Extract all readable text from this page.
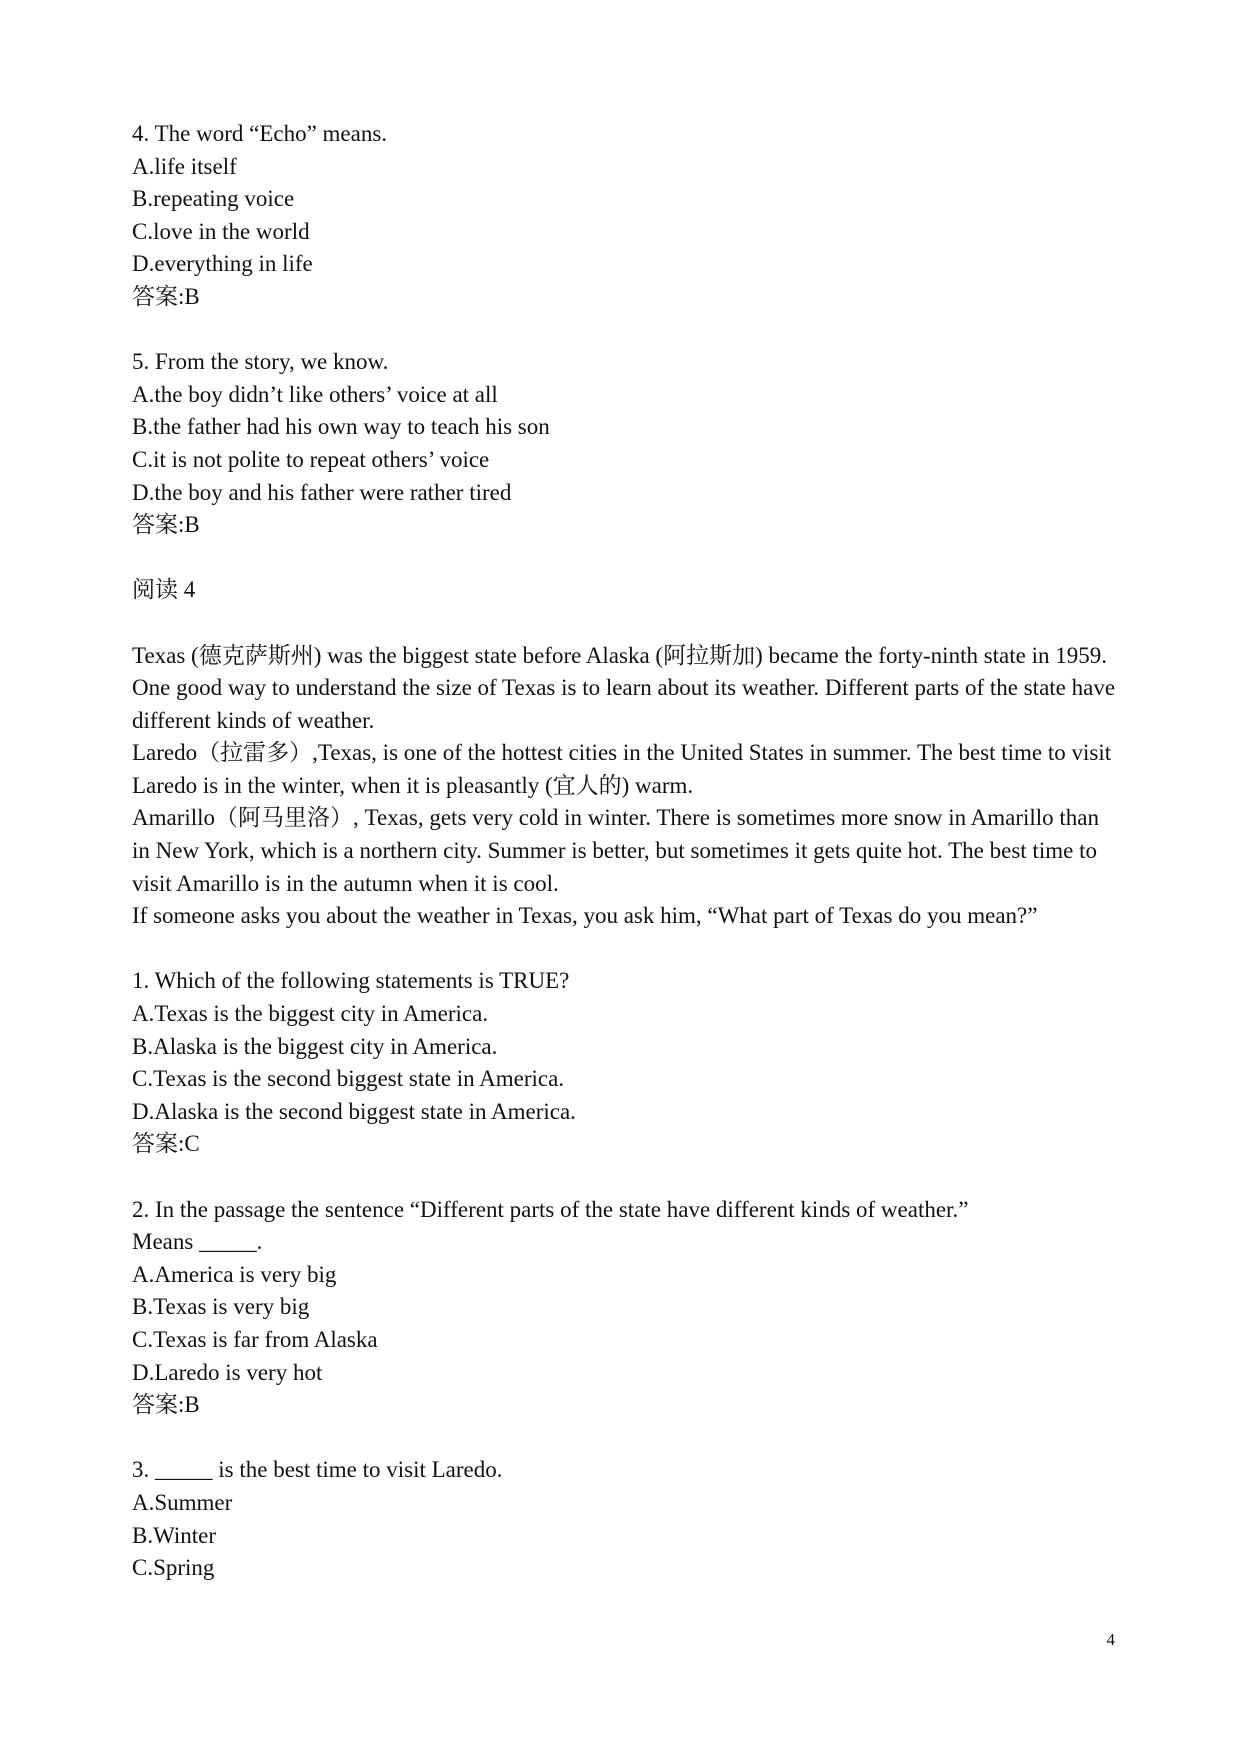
4. The word “Echo” means.

A.life itself

B.repeating voice

C.love in the world

D.everything in life

答案:B

5. From the story, we know.

A.the boy didn’t like others’ voice at all

B.the father had his own way to teach his son

C.it is not polite to repeat others’ voice

D.the boy and his father were rather tired

答案:B

阅读 4

Texas (德克萨斯州) was the biggest state before Alaska (阿拉斯加) became the forty-ninth state in 1959. One good way to understand the size of Texas is to learn about its weather. Different parts of the state have different kinds of weather.

Laredo（拉雷多）,Texas, is one of the hottest cities in the United States in summer. The best time to visit Laredo is in the winter, when it is pleasantly (宜人的) warm.

Amarillo（阿马里洛）, Texas, gets very cold in winter. There is sometimes more snow in Amarillo than in New York, which is a northern city. Summer is better, but sometimes it gets quite hot. The best time to visit Amarillo is in the autumn when it is cool.

If someone asks you about the weather in Texas, you ask him, “What part of Texas do you mean?”

1. Which of the following statements is TRUE?

A.Texas is the biggest city in America.

B.Alaska is the biggest city in America.

C.Texas is the second biggest state in America.

D.Alaska is the second biggest state in America.

答案:C

2. In the passage the sentence “Different parts of the state have different kinds of weather.”

Means _____.

A.America is very big

B.Texas is very big

C.Texas is far from Alaska

D.Laredo is very hot

答案:B

3. _____ is the best time to visit Laredo.

A.Summer

B.Winter

C.Spring

4
